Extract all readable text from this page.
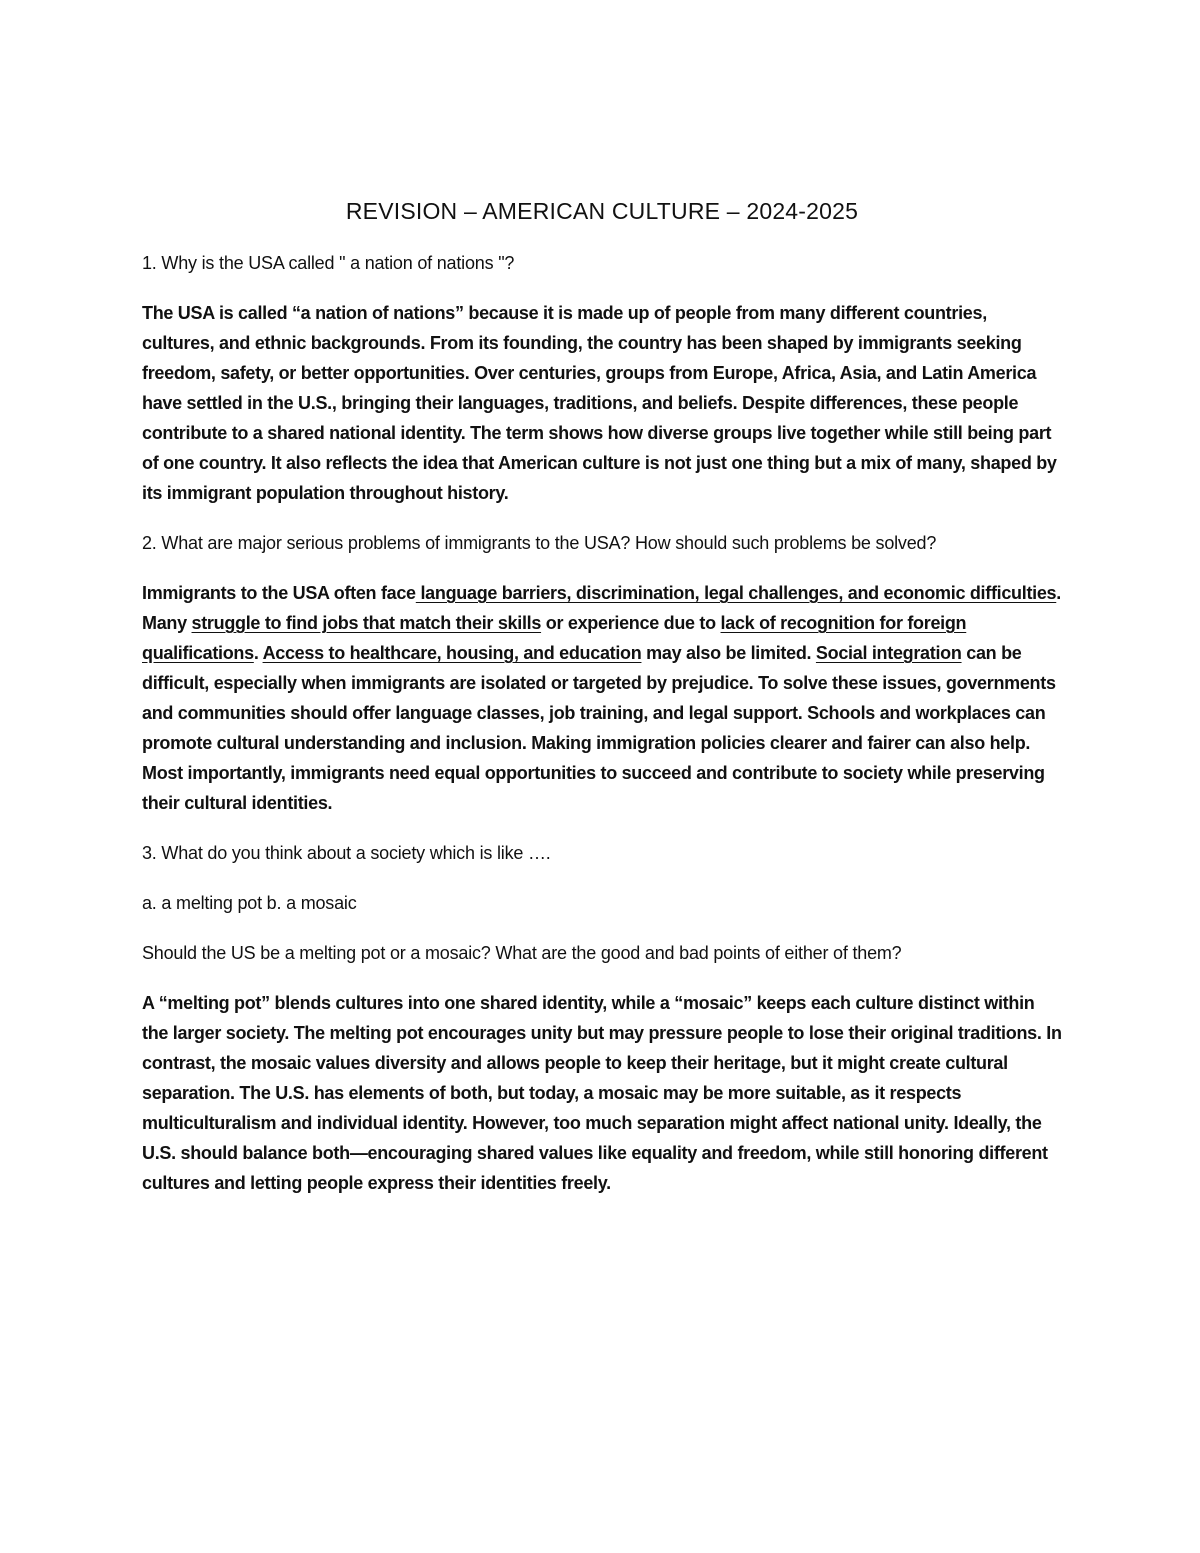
REVISION – AMERICAN CULTURE – 2024-2025
1. Why is the USA called " a nation of nations "?
The USA is called “a nation of nations” because it is made up of people from many different countries, cultures, and ethnic backgrounds. From its founding, the country has been shaped by immigrants seeking freedom, safety, or better opportunities. Over centuries, groups from Europe, Africa, Asia, and Latin America have settled in the U.S., bringing their languages, traditions, and beliefs. Despite differences, these people contribute to a shared national identity. The term shows how diverse groups live together while still being part of one country. It also reflects the idea that American culture is not just one thing but a mix of many, shaped by its immigrant population throughout history.
2. What are major serious problems of immigrants to the USA? How should such problems be solved?
Immigrants to the USA often face language barriers, discrimination, legal challenges, and economic difficulties. Many struggle to find jobs that match their skills or experience due to lack of recognition for foreign qualifications. Access to healthcare, housing, and education may also be limited. Social integration can be difficult, especially when immigrants are isolated or targeted by prejudice. To solve these issues, governments and communities should offer language classes, job training, and legal support. Schools and workplaces can promote cultural understanding and inclusion. Making immigration policies clearer and fairer can also help. Most importantly, immigrants need equal opportunities to succeed and contribute to society while preserving their cultural identities.
3. What do you think about a society which is like ….
a. a melting pot b. a mosaic
Should the US be a melting pot or a mosaic? What are the good and bad points of either of them?
A “melting pot” blends cultures into one shared identity, while a “mosaic” keeps each culture distinct within the larger society. The melting pot encourages unity but may pressure people to lose their original traditions. In contrast, the mosaic values diversity and allows people to keep their heritage, but it might create cultural separation. The U.S. has elements of both, but today, a mosaic may be more suitable, as it respects multiculturalism and individual identity. However, too much separation might affect national unity. Ideally, the U.S. should balance both—encouraging shared values like equality and freedom, while still honoring different cultures and letting people express their identities freely.
